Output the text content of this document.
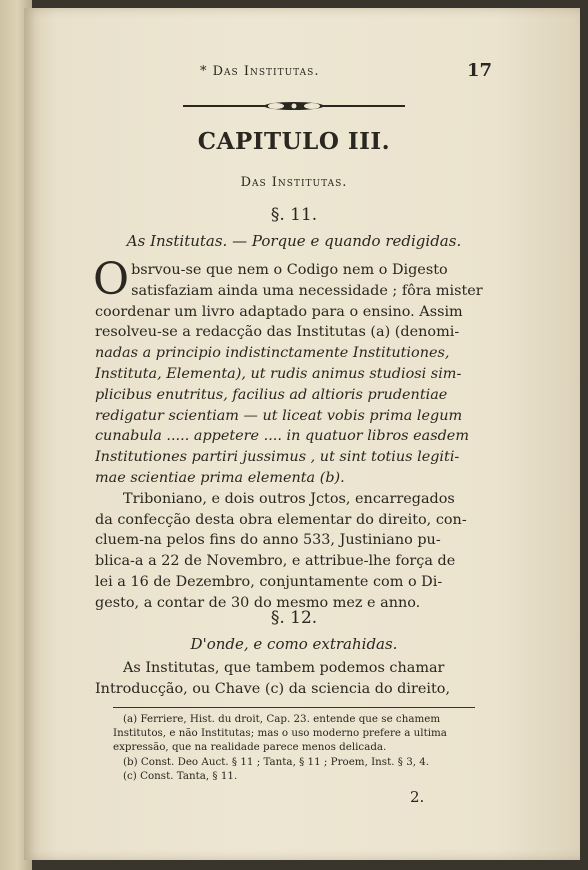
* Das Institutas.	17
CAPITULO III.
Das Institutas.
§. 11.
As Institutas. — Porque e quando redigidas.
O bsrvou-se que nem o Codigo nem o Digesto
satisfaziam ainda uma necessidade ; fôra mister
coordenar um livro adaptado para o ensino. Assim
resolveu-se a redacção das Institutas (a) (denomi-
nadas a principio indistinctamente Institutiones,
Instituta, Elementa), ut rudis animus studiosi sim-
plicibus enutritus, facilius ad altioris prudentiae
redigatur scientiam — ut liceat vobis prima legum
cunabula ..... appetere .... in quatuor libros easdem
Institutiones partiri jussimus , ut sint totius legiti-
mae scientiae prima elementa (b).
Triboniano, e dois outros Jctos, encarregados
da confecção desta obra elementar do direito, con-
cluem-na pelos fins do anno 533, Justiniano pu-
blica-a a 22 de Novembro, e attribue-lhe força de
lei a 16 de Dezembro, conjuntamente com o Di-
gesto, a contar de 30 do mesmo mez e anno.
§. 12.
D'onde, e como extrahidas.
As Institutas, que tambem podemos chamar
Introducção, ou Chave (c) da sciencia do direito,
(a) Ferriere, Hist. du droit, Cap. 23. entende que se chamem
Institutos, e não Institutas; mas o uso moderno prefere a ultima
expressão, que na realidade parece menos delicada.
(b) Const. Deo Auct. § 11 ; Tanta, § 11 ; Proem, Inst. § 3, 4.
(c) Const. Tanta, § 11.
2.
